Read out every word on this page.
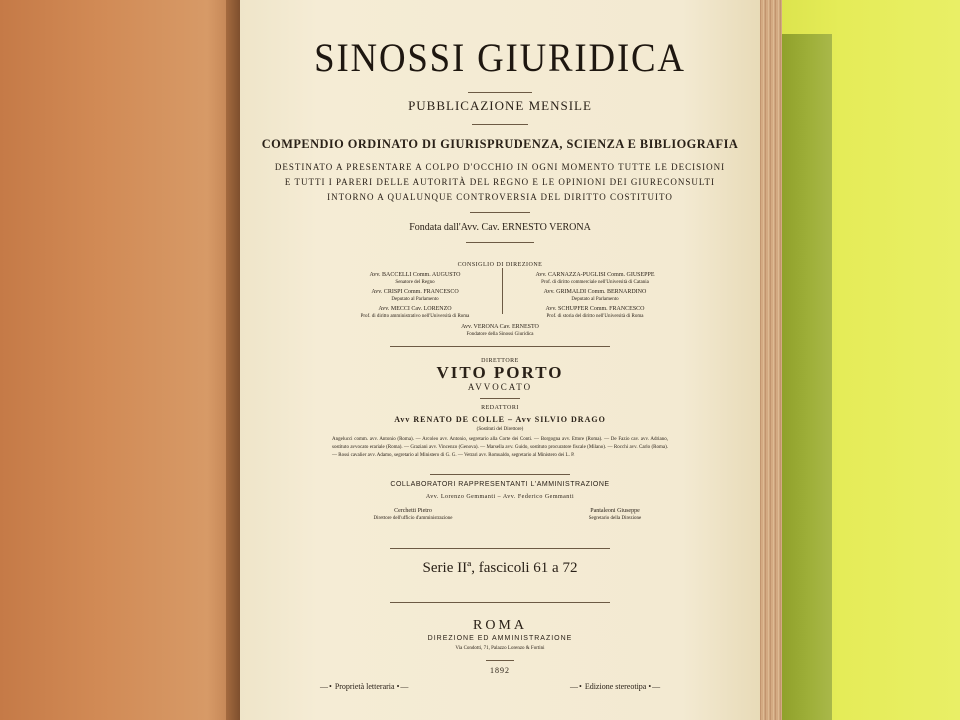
SINOSSI GIURIDICA
PUBBLICAZIONE MENSILE
COMPENDIO ORDINATO DI GIURISPRUDENZA, SCIENZA E BIBLIOGRAFIA
DESTINATO A PRESENTARE A COLPO D'OCCHIO IN OGNI MOMENTO TUTTE LE DECISIONI
E TUTTI I PARERI DELLE AUTORITÀ DEL REGNO E LE OPINIONI DEI GIURECONSULTI
INTORNO A QUALUNQUE CONTROVERSIA DEL DIRITTO COSTITUITO
Fondata dall'Avv. Cav. ERNESTO VERONA
CONSIGLIO DI DIREZIONE
Avv. BACCELLI Comm. AUGUSTO
Senatore del Regno
Avv. CRISPI Comm. FRANCESCO
Deputato al Parlamento
Avv. MECCI Cav. LORENZO
Prof. di diritto amministrativo nell'Università di Roma
Avv. CARNAZZA-PUGLISI Comm. GIUSEPPE
Prof. di diritto commerciale nell'Università di Catania
Avv. GRIMALDI Comm. BERNARDINO
Deputato al Parlamento
Avv. SCHUPFER Comm. FRANCESCO
Prof. di storia del diritto nell'Università di Roma
Avv. VERONA Cav. ERNESTO
Fondatore della Sinossi Giuridica
DIRETTORE
VITO PORTO
AVVOCATO
REDATTORI
Avv RENATO DE COLLE – Avv SILVIO DRAGO
(Sostituti del Direttore)
Angelucci comm. avv. Antonio (Roma). — Arcoleo avv. Antonio, segretario alla Corte dei Conti. — Borgogna avv. Ettore (Roma). — De Fazio cav. avv. Adriano, sostituto avvocato erariale (Roma). — Graziani avv. Vincenzo (Genova). — Marsella avv. Guido, sostituto procuratore fiscale (Milano). — Rocchi avv. Carlo (Roma). — Rossi cavalier avv. Adamo, segretario al Ministero di G. G. — Vetrari avv. Romualdo, segretario al Ministero dei L. P.
COLLABORATORI RAPPRESENTANTI L'AMMINISTRAZIONE
Avv. Lorenzo Gemmanti – Avv. Federico Gemmanti
Cerchetti Pietro
Direttore dell'ufficio d'amministrazione
Pantaleoni Giuseppe
Segretario della Direzione
Serie IIª, fascicoli 61 a 72
ROMA
DIREZIONE ED AMMINISTRAZIONE
Via Condotti, 71, Palazzo Lorenzo & Fortini
1892
—• Proprietà letteraria •—	—• Edizione stereotipa •—
